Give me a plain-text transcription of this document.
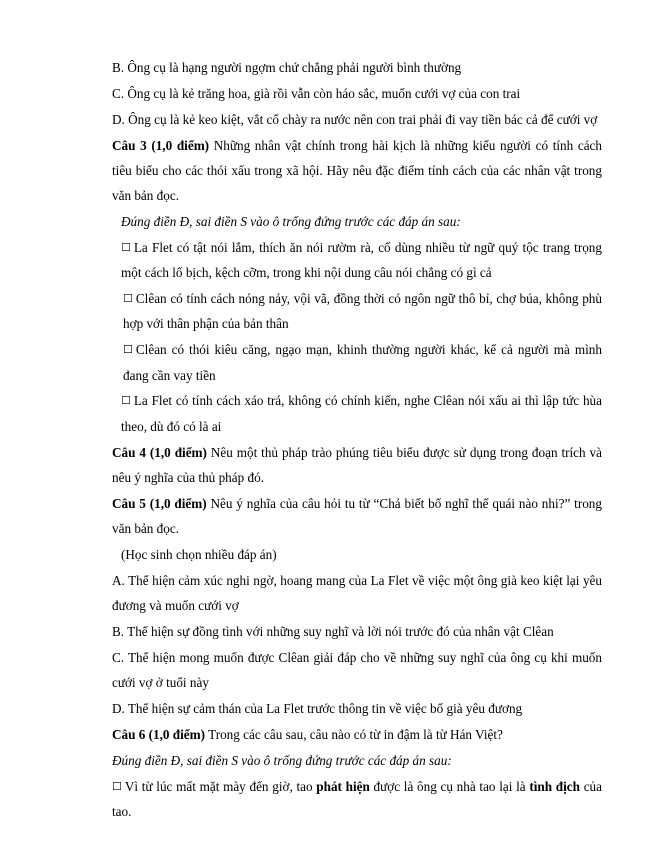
B. Ông cụ là hạng người ngợm chứ chẳng phải người bình thường

C. Ông cụ là kẻ trăng hoa, già rồi vẫn còn háo sắc, muốn cưới vợ của con trai

D. Ông cụ là kẻ keo kiệt, vắt cổ chày ra nước nên con trai phải đi vay tiền bác cả để cưới vợ

Câu 3 (1,0 điểm) Những nhân vật chính trong hài kịch là những kiểu người có tính cách tiêu biểu cho các thói xấu trong xã hội. Hãy nêu đặc điểm tính cách của các nhân vật trong văn bản đọc.

Đúng điền Đ, sai điền S vào ô trống đứng trước các đáp án sau:

☐ La Flet có tật nói lắm, thích ăn nói rườm rà, cố dùng nhiều từ ngữ quý tộc trang trọng một cách lố bịch, kệch cỡm, trong khi nội dung câu nói chẳng có gì cả

☐ Clêan có tính cách nóng nảy, vội vã, đồng thời có ngôn ngữ thô bỉ, chợ búa, không phù hợp với thân phận của bản thân

☐ Clêan có thói kiêu căng, ngạo mạn, khinh thường người khác, kể cả người mà mình đang cần vay tiền

☐ La Flet có tính cách xáo trá, không có chính kiến, nghe Clêan nói xấu ai thì lập tức hùa theo, dù đó có là ai

Câu 4 (1,0 điểm) Nêu một thủ pháp trào phúng tiêu biểu được sử dụng trong đoạn trích và nêu ý nghĩa của thủ pháp đó.

Câu 5 (1,0 điểm) Nêu ý nghĩa của câu hỏi tu từ “Chả biết bố nghĩ thế quái nào nhi?” trong văn bản đọc.

(Học sinh chọn nhiều đáp án)

A. Thể hiện cảm xúc nghi ngờ, hoang mang của La Flet về việc một ông già keo kiệt lại yêu đương và muốn cưới vợ

B. Thể hiện sự đồng tình với những suy nghĩ và lời nói trước đó của nhân vật Clêan

C. Thể hiện mong muốn được Clêan giải đáp cho về những suy nghĩ của ông cụ khi muốn cưới vợ ở tuổi này

D. Thể hiện sự cảm thán của La Flet trước thông tin về việc bố già yêu đương

Câu 6 (1,0 điểm) Trong các câu sau, câu nào có từ in đậm là từ Hán Việt?

Đúng điền Đ, sai điền S vào ô trống đứng trước các đáp án sau:

☐ Vì từ lúc mất mặt mày đến giờ, tao phát hiện được là ông cụ nhà tao lại là tình địch của tao.
